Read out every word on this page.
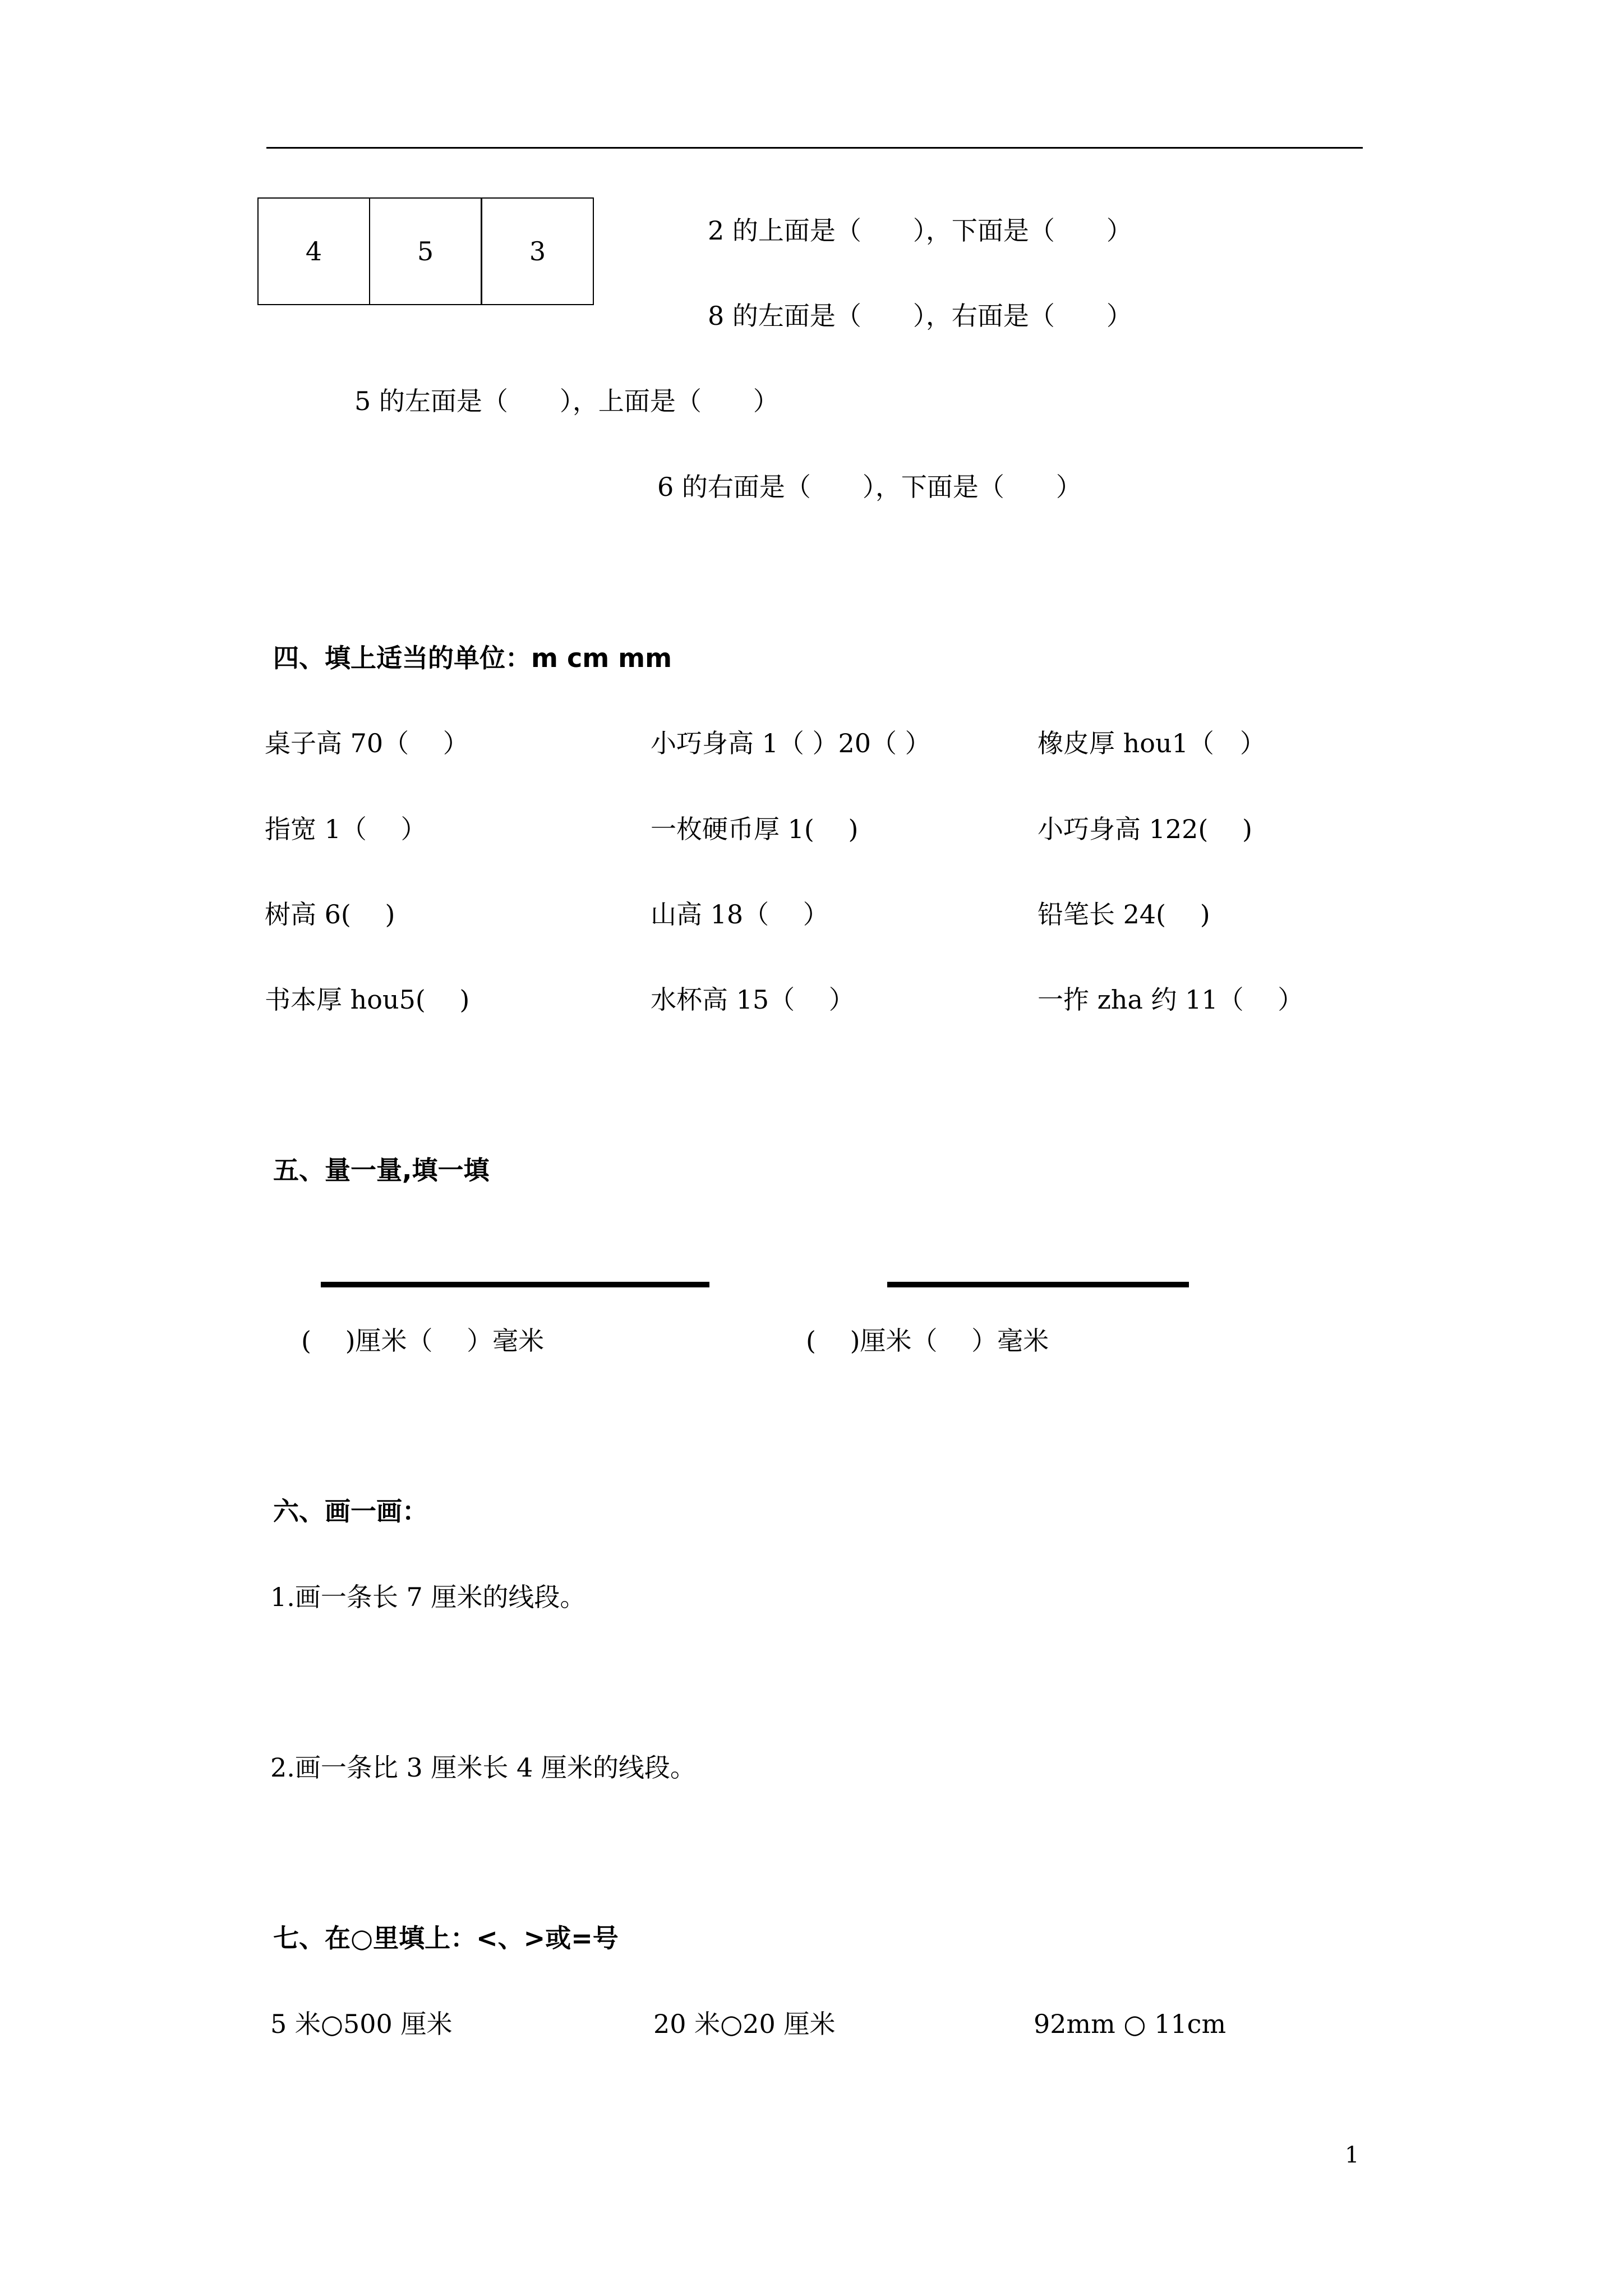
4	5	3
2 的上面是（　　），下面是（　　）
8 的左面是（　　），右面是（　　）
5 的左面是（　　），上面是（　　）
6 的右面是（　　），下面是（　　）
四、填上适当的单位：m cm mm
桌子高 70（　 ）	小巧身高 1（ ）20（ ）	橡皮厚 hou1（　）
指宽 1（　 ）	一枚硬币厚 1(　 )	小巧身高 122(　 )
树高 6(　 )	山高 18（　 ）	铅笔长 24(　 )
书本厚 hou5(　 )	水杯高 15（　 ）	一拃 zha 约 11（　 ）
五、量一量,填一填
(　 )厘米（　 ）毫米	(　 )厘米（　 ）毫米
六、画一画：
1.画一条长 7 厘米的线段。
2.画一条比 3 厘米长 4 厘米的线段。
七、在○里填上：<、>或=号
5 米○500 厘米	20 米○20 厘米	92mm ○ 11cm
1
